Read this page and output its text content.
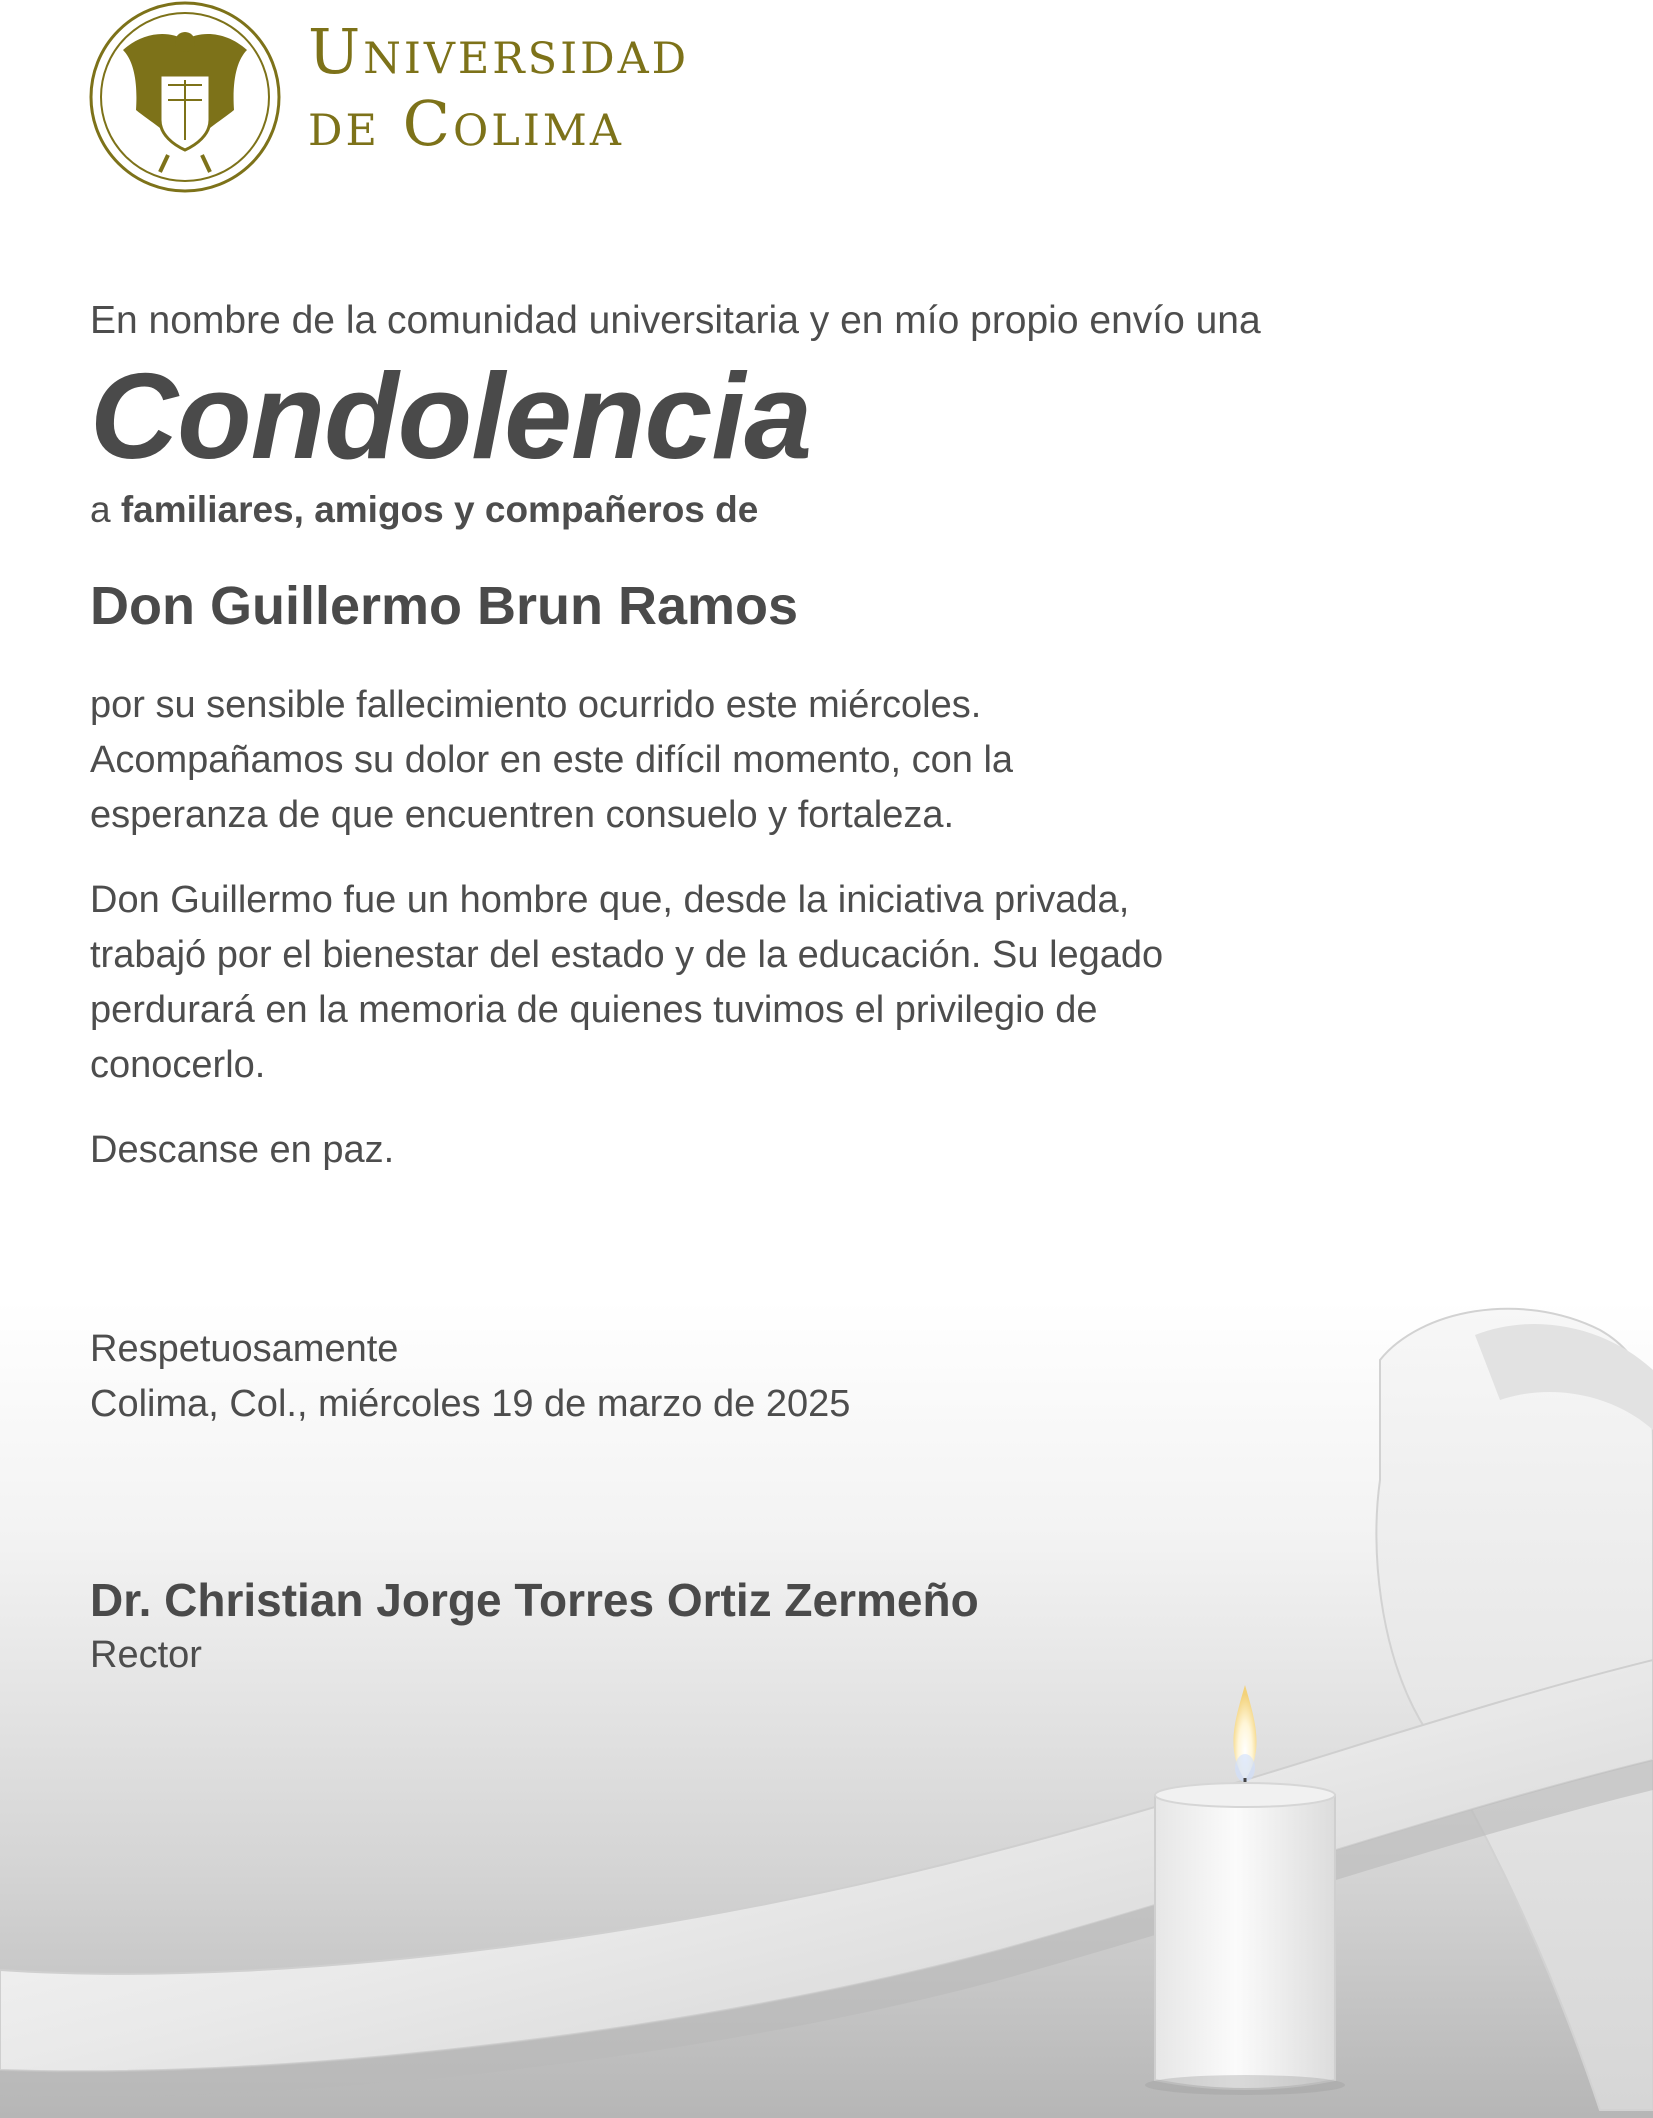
Universidad
de Colima

En nombre de la comunidad universitaria y en mío propio envío una

Condolencia

a familiares, amigos y compañeros de

Don Guillermo Brun Ramos
por su sensible fallecimiento ocurrido este miércoles.
Acompañamos su dolor en este difícil momento, con la
esperanza de que encuentren consuelo y fortaleza.
Don Guillermo fue un hombre que, desde la iniciativa privada,
trabajó por el bienestar del estado y de la educación. Su legado
perdurará en la memoria de quienes tuvimos el privilegio de
conocerlo.
Descanse en paz.
Respetuosamente
Colima, Col., miércoles 19 de marzo de 2025
Dr. Christian Jorge Torres Ortiz Zermeño
Rector
